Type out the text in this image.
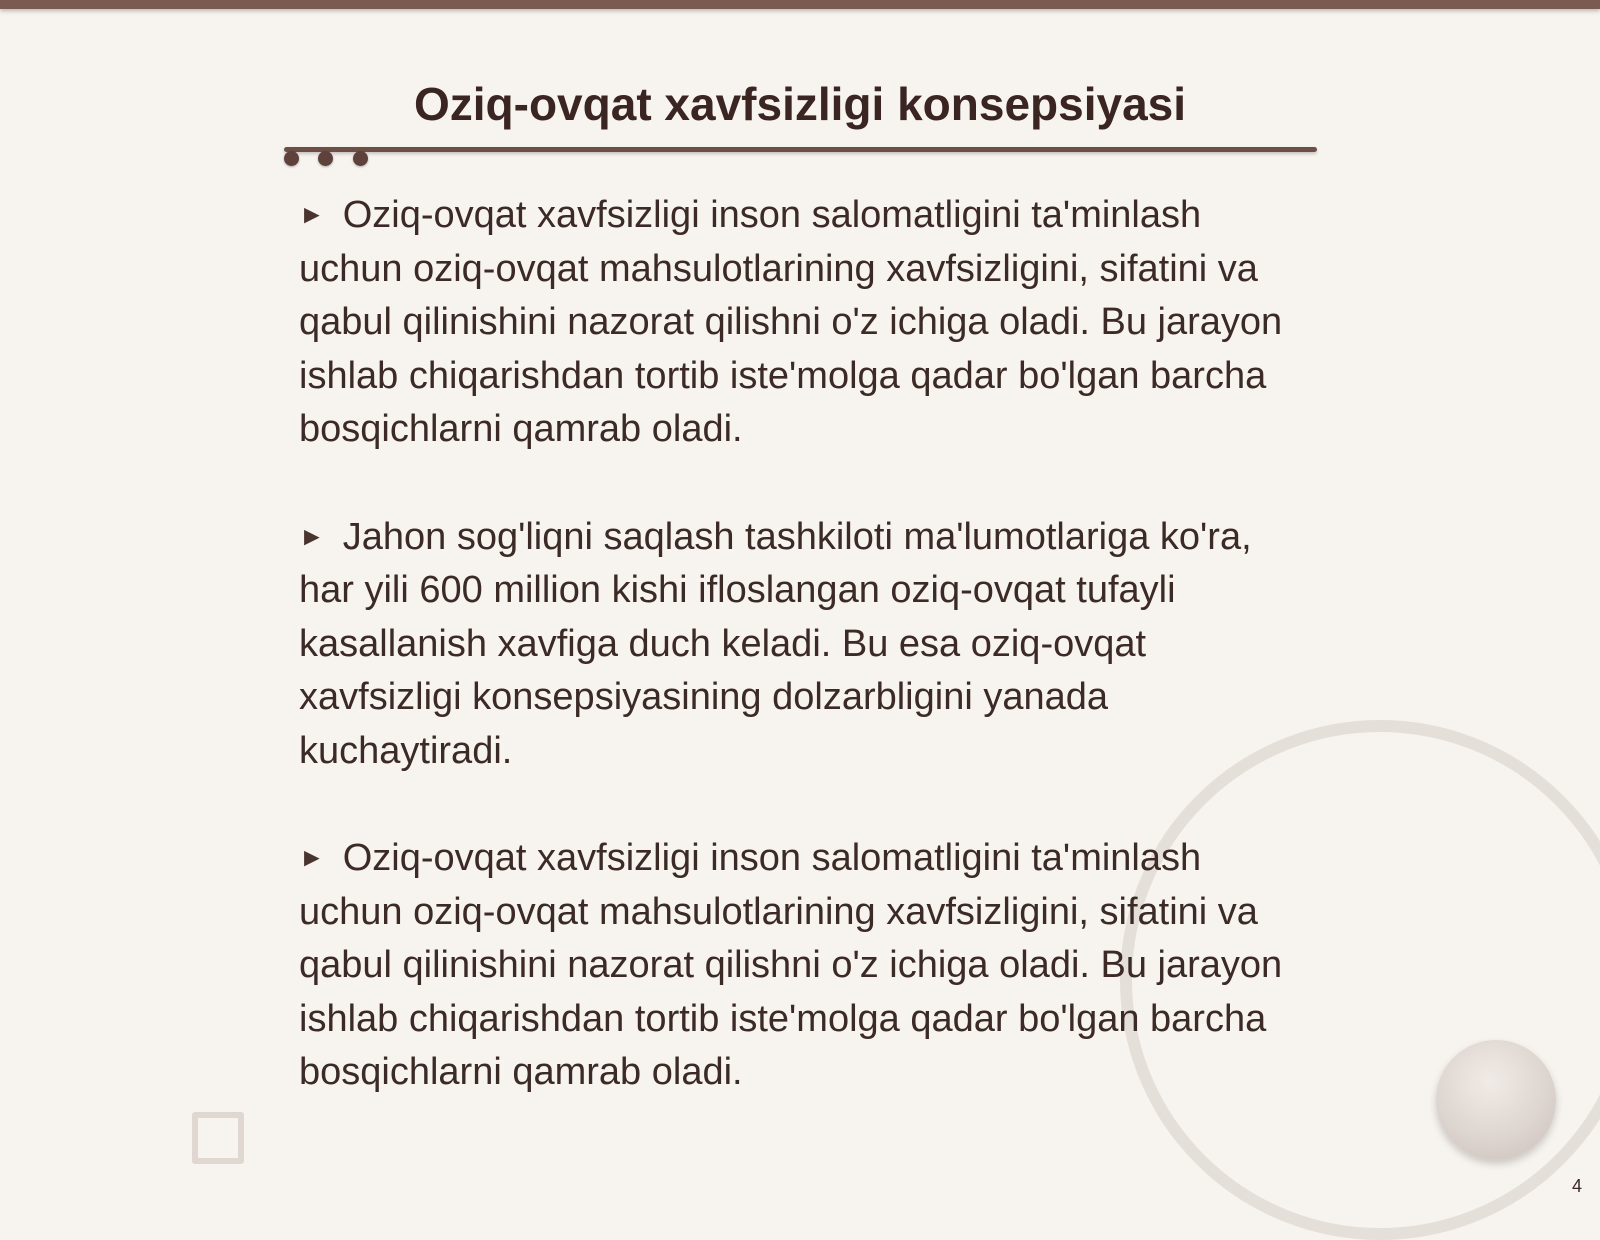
Oziq-ovqat xavfsizligi konsepsiyasi

► Oziq-ovqat xavfsizligi inson salomatligini ta'minlash uchun oziq-ovqat mahsulotlarining xavfsizligini, sifatini va qabul qilinishini nazorat qilishni o'z ichiga oladi. Bu jarayon ishlab chiqarishdan tortib iste'molga qadar bo'lgan barcha bosqichlarni qamrab oladi.

► Jahon sog'liqni saqlash tashkiloti ma'lumotlariga ko'ra, har yili 600 million kishi ifloslangan oziq-ovqat tufayli kasallanish xavfiga duch keladi. Bu esa oziq-ovqat xavfsizligi konsepsiyasining dolzarbligini yanada kuchaytiradi.

► Oziq-ovqat xavfsizligi inson salomatligini ta'minlash uchun oziq-ovqat mahsulotlarining xavfsizligini, sifatini va qabul qilinishini nazorat qilishni o'z ichiga oladi. Bu jarayon ishlab chiqarishdan tortib iste'molga qadar bo'lgan barcha bosqichlarni qamrab oladi.

4
